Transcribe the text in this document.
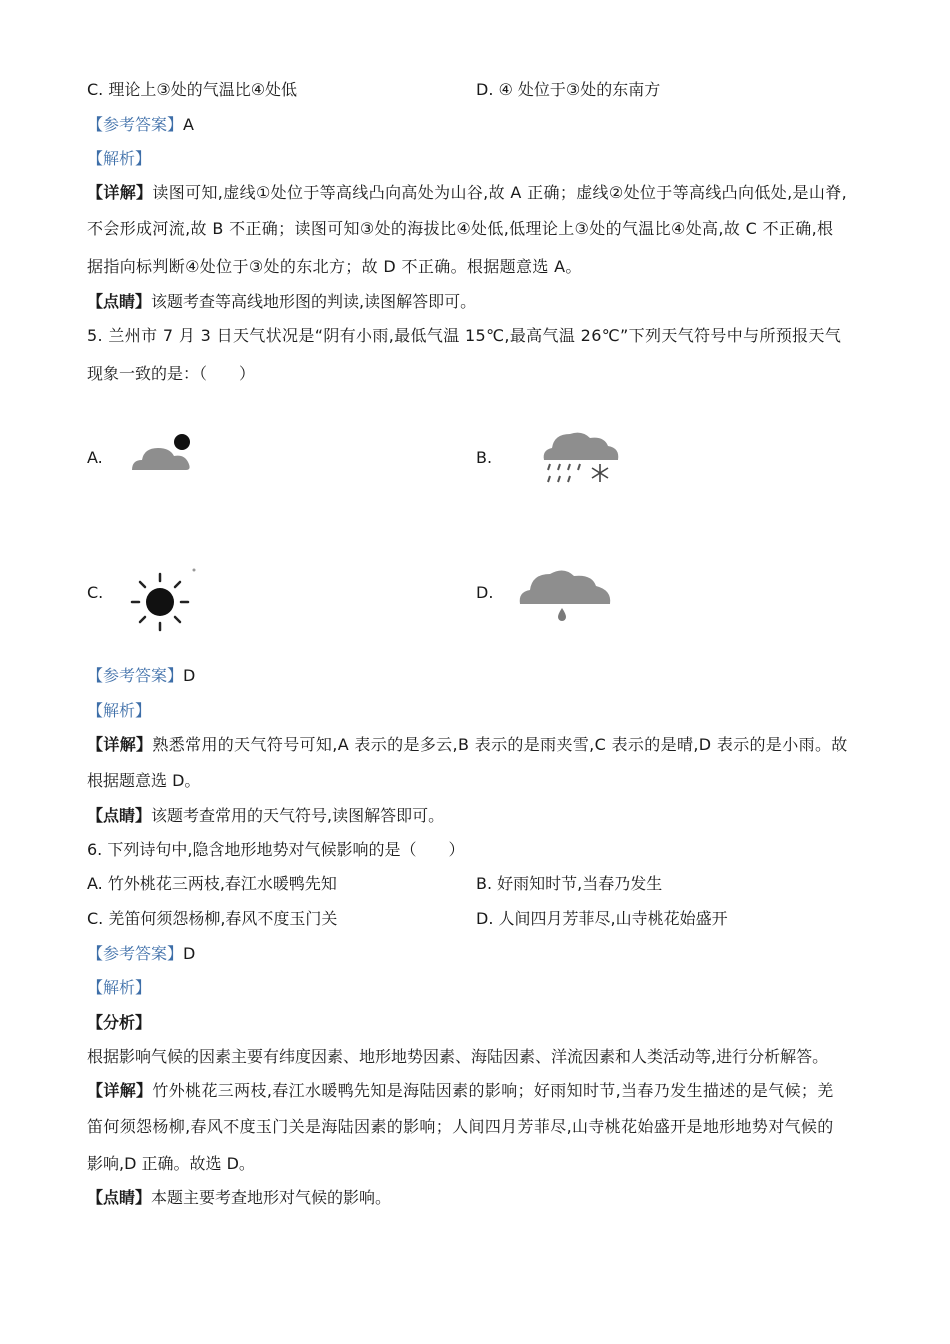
C. 理论上③处的气温比④处低	D. ④ 处位于③处的东南方
【参考答案】A
【解析】
【详解】读图可知,虚线①处位于等高线凸向高处为山谷,故 A 正确；虚线②处位于等高线凸向低处,是山脊,
不会形成河流,故 B 不正确；读图可知③处的海拔比④处低,低理论上③处的气温比④处高,故 C 不正确,根
据指向标判断④处位于③处的东北方；故 D 不正确。根据题意选 A。
【点睛】该题考查等高线地形图的判读,读图解答即可。
5. 兰州市 7 月 3 日天气状况是“阴有小雨,最低气温 15℃,最高气温 26℃”下列天气符号中与所预报天气
现象一致的是：（　　）
A.	B.
C.	D.
【参考答案】D
【解析】
【详解】熟悉常用的天气符号可知,A 表示的是多云,B 表示的是雨夹雪,C 表示的是晴,D 表示的是小雨。故
根据题意选 D。
【点睛】该题考查常用的天气符号,读图解答即可。
6. 下列诗句中,隐含地形地势对气候影响的是（　　）
A. 竹外桃花三两枝,春江水暖鸭先知	B. 好雨知时节,当春乃发生
C. 羌笛何须怨杨柳,春风不度玉门关	D. 人间四月芳菲尽,山寺桃花始盛开
【参考答案】D
【解析】
【分析】
根据影响气候的因素主要有纬度因素、地形地势因素、海陆因素、洋流因素和人类活动等,进行分析解答。
【详解】竹外桃花三两枝,春江水暖鸭先知是海陆因素的影响；好雨知时节,当春乃发生描述的是气候；羌
笛何须怨杨柳,春风不度玉门关是海陆因素的影响；人间四月芳菲尽,山寺桃花始盛开是地形地势对气候的
影响,D 正确。故选 D。
【点睛】本题主要考查地形对气候的影响。
